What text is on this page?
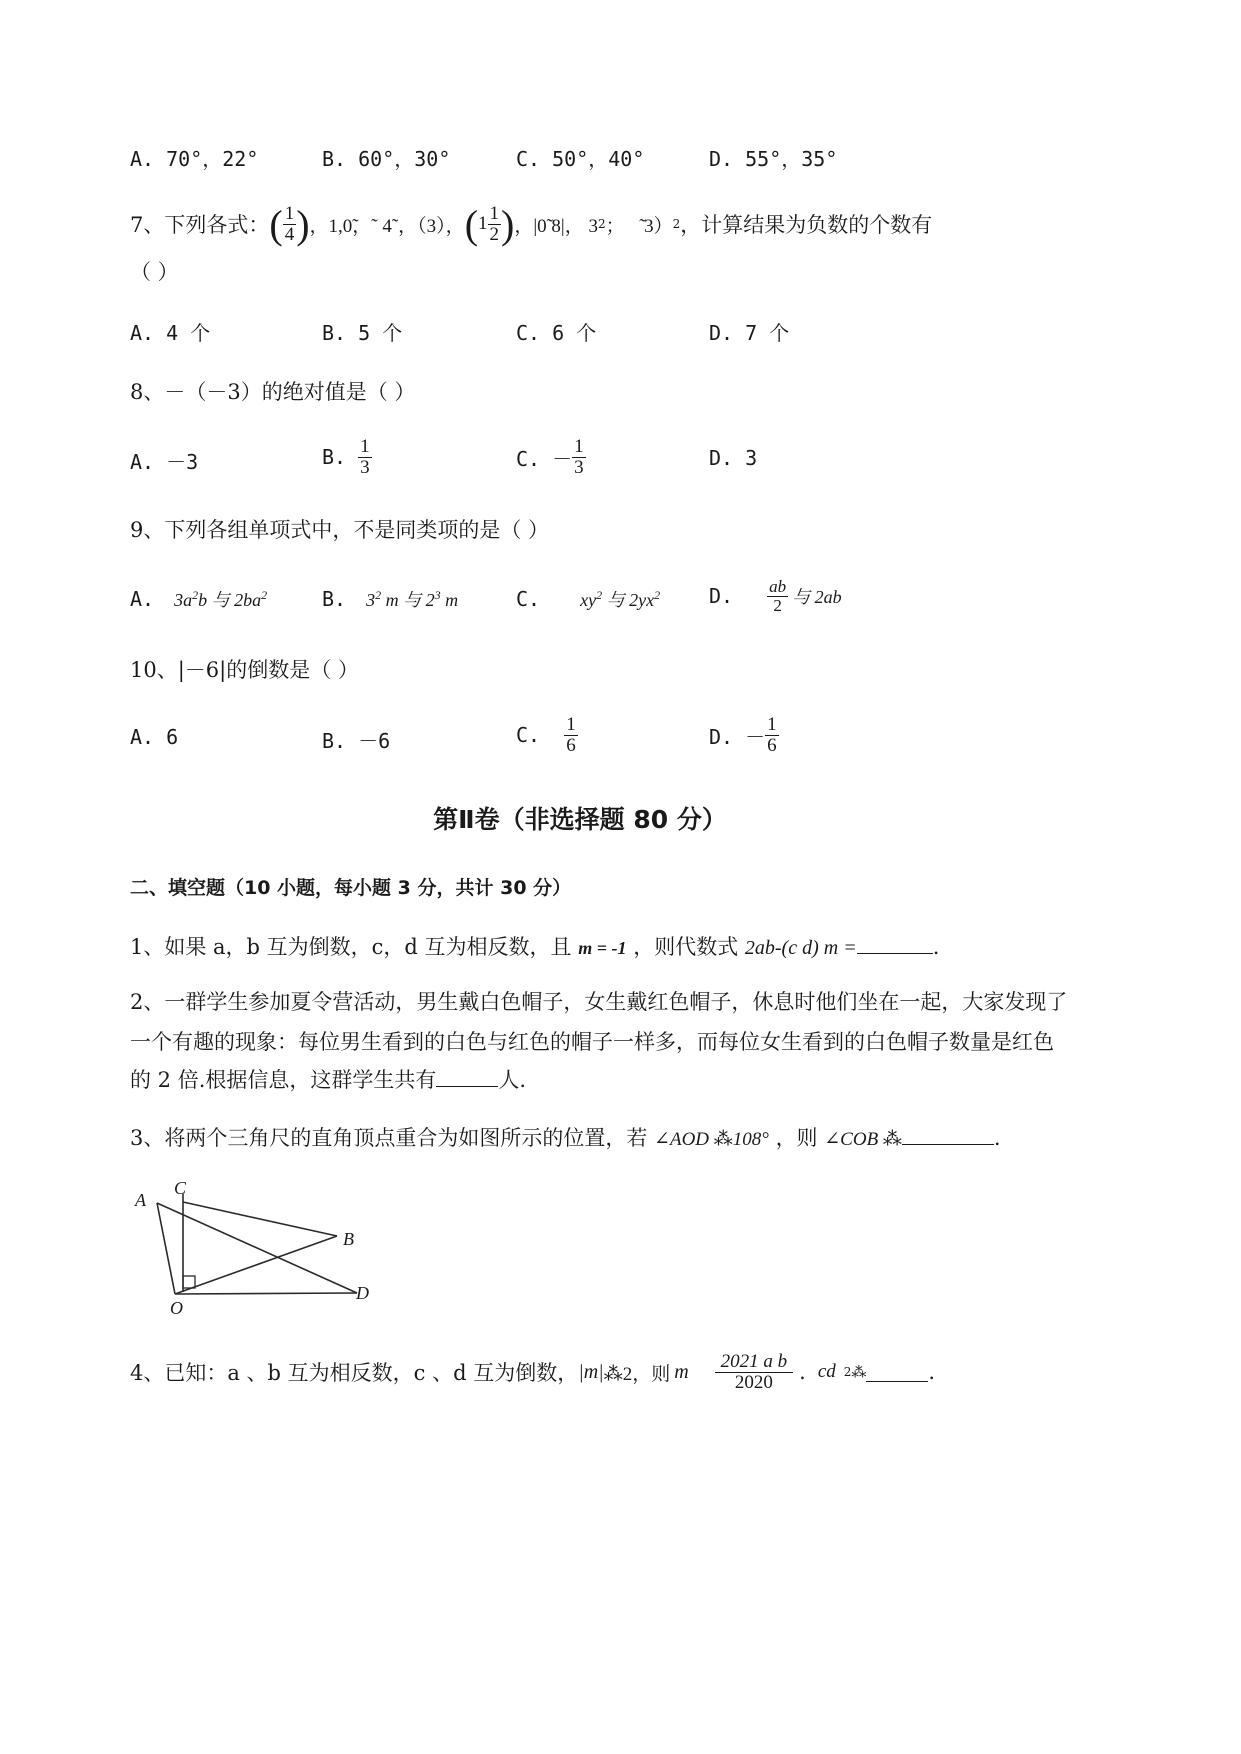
A. 70°，22°	B. 60°，30°	C. 50°，40°	D. 55°，35°
7、下列各式： ( $\frac{1}{4}$ ) ，1,0̃，˜ 4˜，（3）， ( $1 \frac{1}{2}$ ) ，|0̃ 8|， 3 2 ；（̃ 3） 2 ，计算结果为负数的个数有
（ ）
A. 4 个	B. 5 个	C. 6 个	D. 7 个
8、－（－3）的绝对值是（ ）
A. －3	B.
$\frac{1}{3}$	C. － $\frac{1}{3}$	D. 3
9、下列各组单项式中，不是同类项的是（ ）
A. $3a^2b$ 与 $2ba^2$	B. $3^2$ m 与 $2^3$ m	C. $xy^2$ 与 $2yx^2$ D. $\frac{ab}{2}$ 与 2ab
10、|－6|的倒数是（ ）
A. 6	B. －6	C.
$\frac{1}{6}$	D. － $\frac{1}{6}$
第Ⅱ卷（非选择题 80 分）
二、填空题（10 小题，每小题 3 分，共计 30 分）
1、如果 a，b 互为倒数，c，d 互为相反数，且 m = -1 ，则代数式 2ab-(c d) m =	.
2、一群学生参加夏令营活动，男生戴白色帽子，女生戴红色帽子，休息时他们坐在一起，大家发现了
一个有趣的现象：每位男生看到的白色与红色的帽子一样多，而每位女生看到的白色帽子数量是红色
的 2 倍.根据信息，这群学生共有	人.
3、将两个三角尺的直角顶点重合为如图所示的位置，若 ∠AOD ⁂108° ，则 ∠COB ⁂	.
A
C
B
D
O
4、已知：a 、b 互为相反数，c 、d 互为倒数， |m| ⁂2，则 m $\frac{\text{2021 a b}}{2020}$ . cd 2 ⁂	.
